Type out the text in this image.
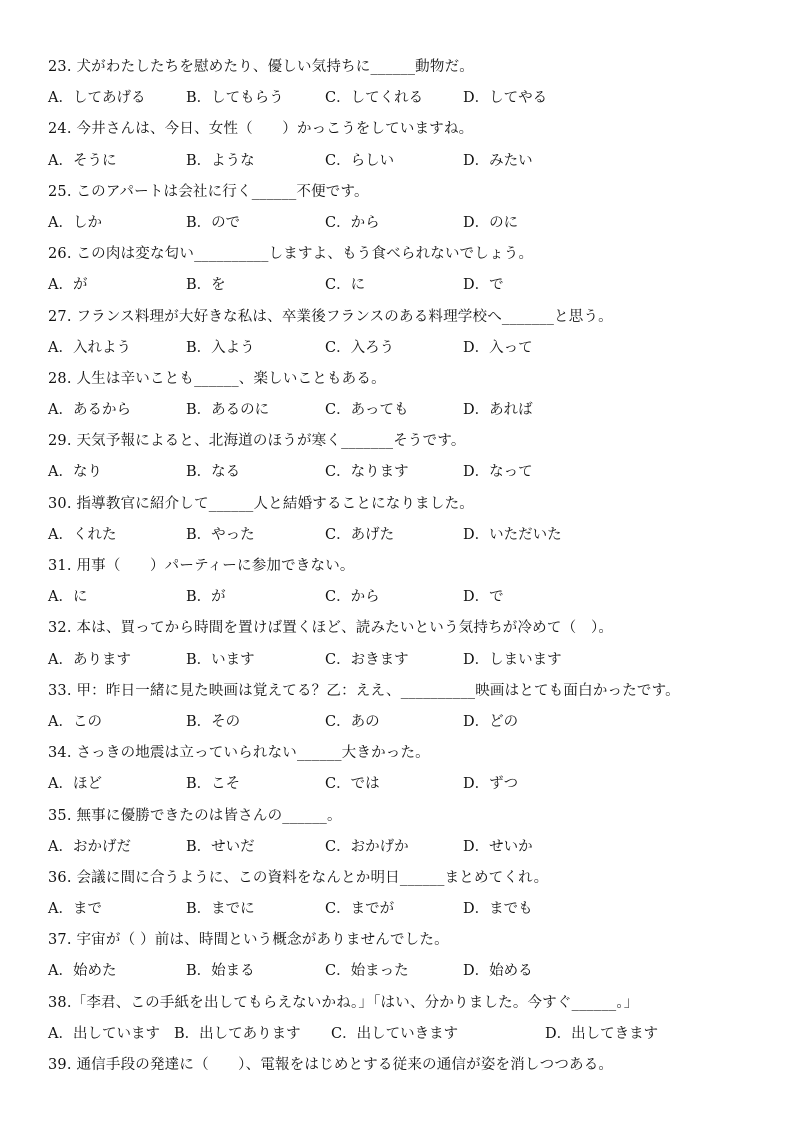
23. 犬がわたしたちを慰めたり、優しい気持ちに______動物だ。
A．してあげる	B．してもらう	C．してくれる	D．してやる
24. 今井さんは、今日、女性（　　）かっこうをしていますね。
A．そうに	B．ような	C．らしい	D．みたい
25. このアパートは会社に行く______不便です。
A．しか	B．ので	C．から	D．のに
26. この肉は変な匂い__________しますよ、もう食べられないでしょう。
A．が	B．を	C．に	D．で
27. フランス料理が大好きな私は、卒業後フランスのある料理学校へ_______と思う。
A．入れよう	B．入よう	C．入ろう	D．入って
28. 人生は辛いことも______、楽しいこともある。
A．あるから	B．あるのに	C．あっても	D．あれば
29. 天気予報によると、北海道のほうが寒く_______そうです。
A．なり	B．なる	C．なります	D．なって
30. 指導教官に紹介して______人と結婚することになりました。
A．くれた	B．やった	C．あげた	D．いただいた
31. 用事（　　）パーティーに参加できない。
A．に	B．が	C．から	D．で
32. 本は、買ってから時間を置けば置くほど、読みたいという気持ちが冷めて（　）。
A．あります	B．います	C．おきます	D．しまいます
33. 甲：昨日一緒に見た映画は覚えてる？乙：ええ、__________映画はとても面白かったです。
A．この	B．その	C．あの	D．どの
34. さっきの地震は立っていられない______大きかった。
A．ほど	B．こそ	C．では	D．ずつ
35. 無事に優勝できたのは皆さんの______。
A．おかげだ	B．せいだ	C．おかげか	D．せいか
36. 会議に間に合うように、この資料をなんとか明日______まとめてくれ。
A．まで	B．までに	C．までが	D．までも
37. 宇宙が（ ）前は、時間という概念がありませんでした。
A．始めた	B．始まる	C．始まった	D．始める
38.「李君、この手紙を出してもらえないかね。」「はい、分かりました。今すぐ______。」
A．出しています B．出してあります C．出していきます	D．出してきます
39. 通信手段の発達に（　　）、電報をはじめとする従来の通信が姿を消しつつある。
